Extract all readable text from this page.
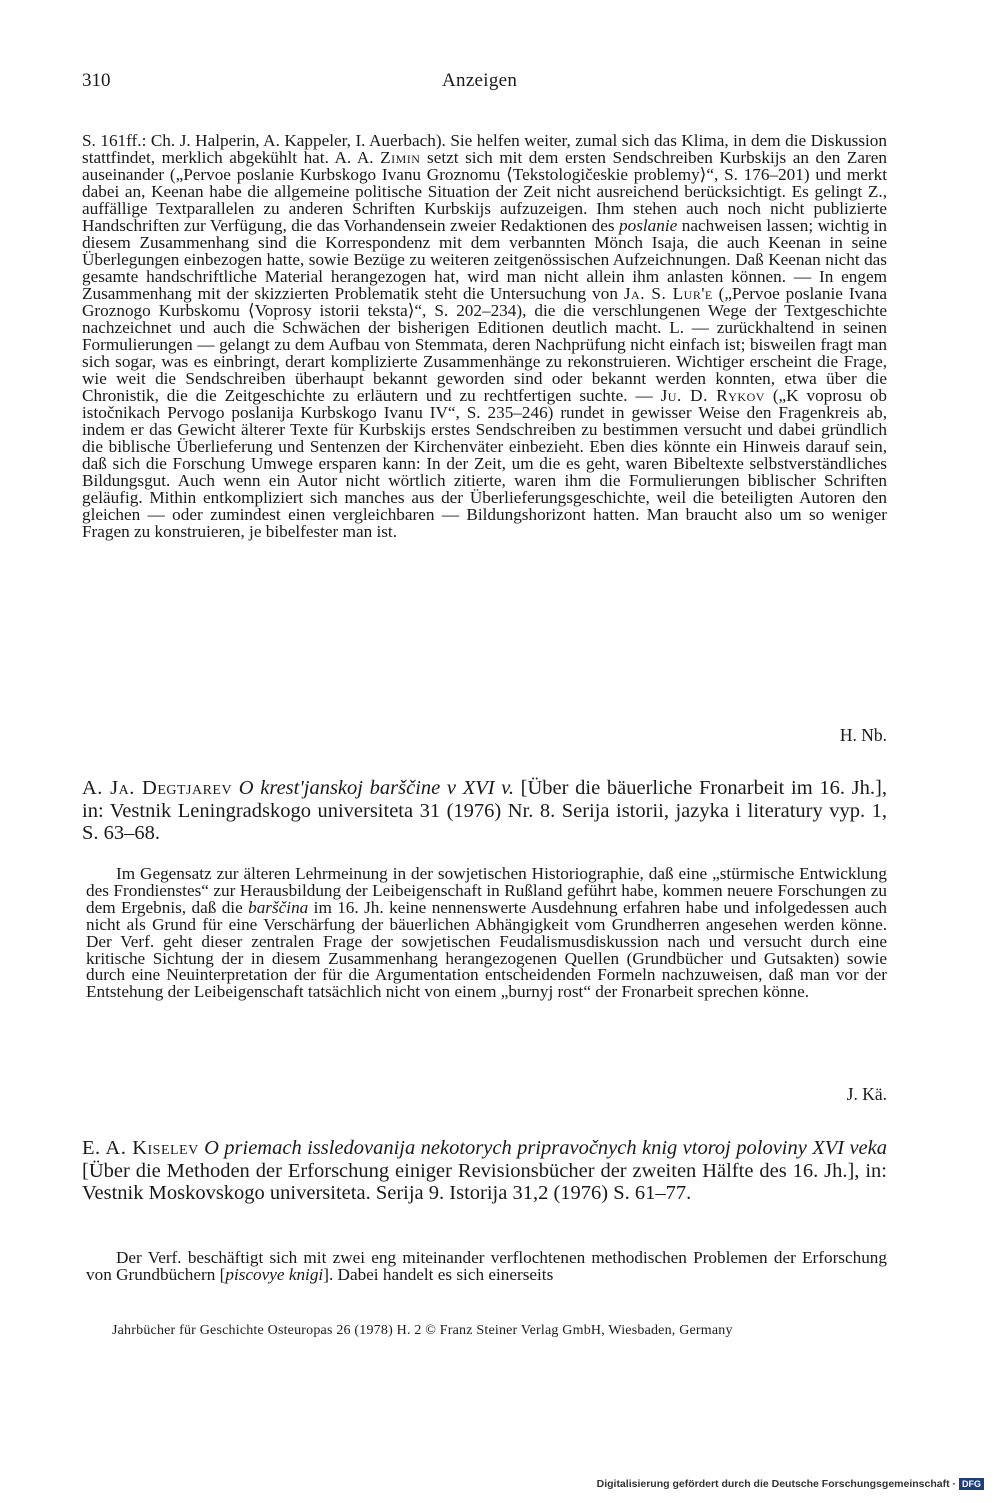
310	Anzeigen
S. 161ff.: Ch. J. Halperin, A. Kappeler, I. Auerbach). Sie helfen weiter, zumal sich das Klima, in dem die Diskussion stattfindet, merklich abgekühlt hat. A. A. Zimin setzt sich mit dem ersten Sendschreiben Kurbskijs an den Zaren auseinander („Pervoe poslanie Kurbskogo Ivanu Groznomu ⟨Tekstologičeskie problemy⟩“, S. 176–201) und merkt dabei an, Keenan habe die allgemeine politische Situation der Zeit nicht ausreichend berücksichtigt. Es gelingt Z., auffällige Textparallelen zu anderen Schriften Kurbskijs aufzuzeigen. Ihm stehen auch noch nicht publizierte Handschriften zur Verfügung, die das Vorhandensein zweier Redaktionen des poslanie nachweisen lassen; wichtig in diesem Zusammenhang sind die Korrespondenz mit dem verbannten Mönch Isaja, die auch Keenan in seine Überlegungen einbezogen hatte, sowie Bezüge zu weiteren zeitgenössischen Aufzeichnungen. Daß Keenan nicht das gesamte handschriftliche Material herangezogen hat, wird man nicht allein ihm anlasten können. — In engem Zusammenhang mit der skizzierten Problematik steht die Untersuchung von Ja. S. Lur'e („Pervoe poslanie Ivana Groznogo Kurbskomu ⟨Voprosy istorii teksta⟩“, S. 202–234), die die verschlungenen Wege der Textgeschichte nachzeichnet und auch die Schwächen der bisherigen Editionen deutlich macht. L. — zurückhaltend in seinen Formulierungen — gelangt zu dem Aufbau von Stemmata, deren Nachprüfung nicht einfach ist; bisweilen fragt man sich sogar, was es einbringt, derart komplizierte Zusammenhänge zu rekonstruieren. Wichtiger erscheint die Frage, wie weit die Sendschreiben überhaupt bekannt geworden sind oder bekannt werden konnten, etwa über die Chronistik, die die Zeitgeschichte zu erläutern und zu rechtfertigen suchte. — Ju. D. Rykov („K voprosu ob istočnikach Pervogo poslanija Kurbskogo Ivanu IV“, S. 235–246) rundet in gewisser Weise den Fragenkreis ab, indem er das Gewicht älterer Texte für Kurbskijs erstes Sendschreiben zu bestimmen versucht und dabei gründlich die biblische Überlieferung und Sentenzen der Kirchenväter einbezieht. Eben dies könnte ein Hinweis darauf sein, daß sich die Forschung Umwege ersparen kann: In der Zeit, um die es geht, waren Bibeltexte selbstverständliches Bildungsgut. Auch wenn ein Autor nicht wörtlich zitierte, waren ihm die Formulierungen biblischer Schriften geläufig. Mithin entkompliziert sich manches aus der Überlieferungsgeschichte, weil die beteiligten Autoren den gleichen — oder zumindest einen vergleichbaren — Bildungshorizont hatten. Man braucht also um so weniger Fragen zu konstruieren, je bibelfester man ist.
H. Nb.
A. Ja. Degtjarev O krest'janskoj barščine v XVI v. [Über die bäuerliche Fronarbeit im 16. Jh.], in: Vestnik Leningradskogo universiteta 31 (1976) Nr. 8. Serija istorii, jazyka i literatury vyp. 1, S. 63–68.
Im Gegensatz zur älteren Lehrmeinung in der sowjetischen Historiographie, daß eine „stürmische Entwicklung des Frondienstes“ zur Herausbildung der Leibeigenschaft in Rußland geführt habe, kommen neuere Forschungen zu dem Ergebnis, daß die barščina im 16. Jh. keine nennenswerte Ausdehnung erfahren habe und infolgedessen auch nicht als Grund für eine Verschärfung der bäuerlichen Abhängigkeit vom Grundherren angesehen werden könne. Der Verf. geht dieser zentralen Frage der sowjetischen Feudalismusdiskussion nach und versucht durch eine kritische Sichtung der in diesem Zusammenhang herangezogenen Quellen (Grundbücher und Gutsakten) sowie durch eine Neuinterpretation der für die Argumentation entscheidenden Formeln nachzuweisen, daß man vor der Entstehung der Leibeigenschaft tatsächlich nicht von einem „burnyj rost“ der Fronarbeit sprechen könne.
J. Kä.
E. A. Kiselev O priemach issledovanija nekotorych pripravočnych knig vtoroj poloviny XVI veka [Über die Methoden der Erforschung einiger Revisionsbücher der zweiten Hälfte des 16. Jh.], in: Vestnik Moskovskogo universiteta. Serija 9. Istorija 31,2 (1976) S. 61–77.
Der Verf. beschäftigt sich mit zwei eng miteinander verflochtenen methodischen Problemen der Erforschung von Grundbüchern [piscovye knigi]. Dabei handelt es sich einerseits
Jahrbücher für Geschichte Osteuropas 26 (1978) H. 2 © Franz Steiner Verlag GmbH, Wiesbaden, Germany
Digitalisierung gefördert durch die Deutsche Forschungsgemeinschaft · DFG
